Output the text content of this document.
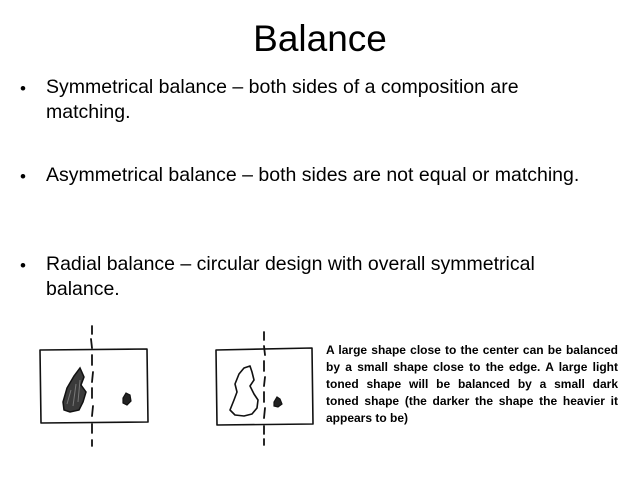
Balance
• Symmetrical balance – both sides of a composition are matching.
• Asymmetrical balance – both sides are not equal or matching.
• Radial balance – circular design with overall symmetrical balance.
A large shape close to the center can be balanced by a small shape close to the edge. A large light toned shape will be balanced by a small dark toned shape (the darker the shape the heavier it appears to be)
